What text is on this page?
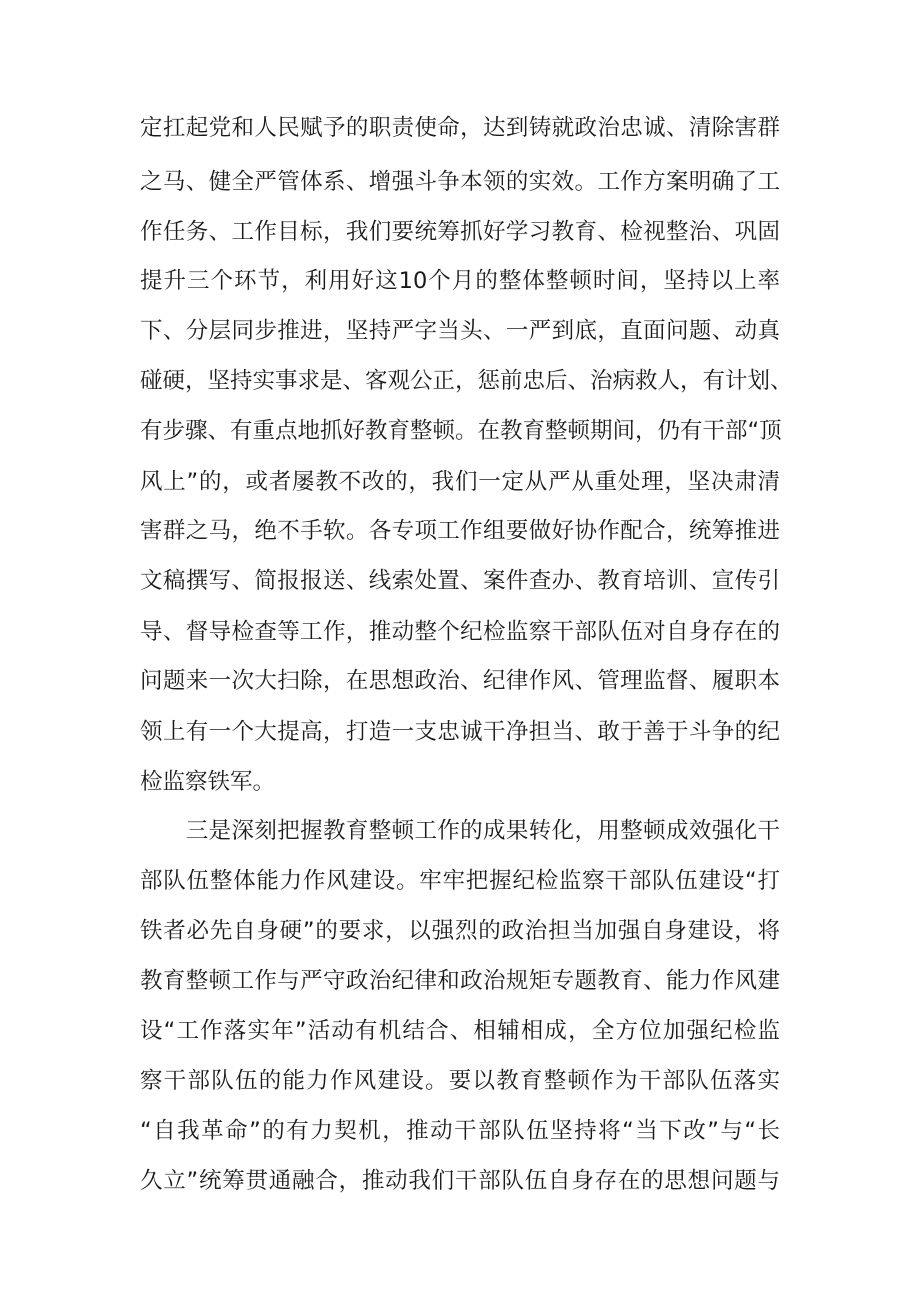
定扛起党和人民赋予的职责使命，达到铸就政治忠诚、清除害群
之马、健全严管体系、增强斗争本领的实效。工作方案明确了工
作任务、工作目标，我们要统筹抓好学习教育、检视整治、巩固
提升三个环节，利用好这10个月的整体整顿时间，坚持以上率
下、分层同步推进，坚持严字当头、一严到底，直面问题、动真
碰硬，坚持实事求是、客观公正，惩前忠后、治病救人，有计划、
有步骤、有重点地抓好教育整顿。在教育整顿期间，仍有干部“顶
风上”的，或者屡教不改的，我们一定从严从重处理，坚决肃清
害群之马，绝不手软。各专项工作组要做好协作配合，统筹推进
文稿撰写、简报报送、线索处置、案件查办、教育培训、宣传引
导、督导检查等工作，推动整个纪检监察干部队伍对自身存在的
问题来一次大扫除，在思想政治、纪律作风、管理监督、履职本
领上有一个大提高，打造一支忠诚干净担当、敢于善于斗争的纪
检监察铁军。
　　三是深刻把握教育整顿工作的成果转化，用整顿成效强化干
部队伍整体能力作风建设。牢牢把握纪检监察干部队伍建设“打
铁者必先自身硬”的要求，以强烈的政治担当加强自身建设，将
教育整顿工作与严守政治纪律和政治规矩专题教育、能力作风建
设“工作落实年”活动有机结合、相辅相成，全方位加强纪检监
察干部队伍的能力作风建设。要以教育整顿作为干部队伍落实
“自我革命”的有力契机，推动干部队伍坚持将“当下改”与“长
久立”统筹贯通融合，推动我们干部队伍自身存在的思想问题与
